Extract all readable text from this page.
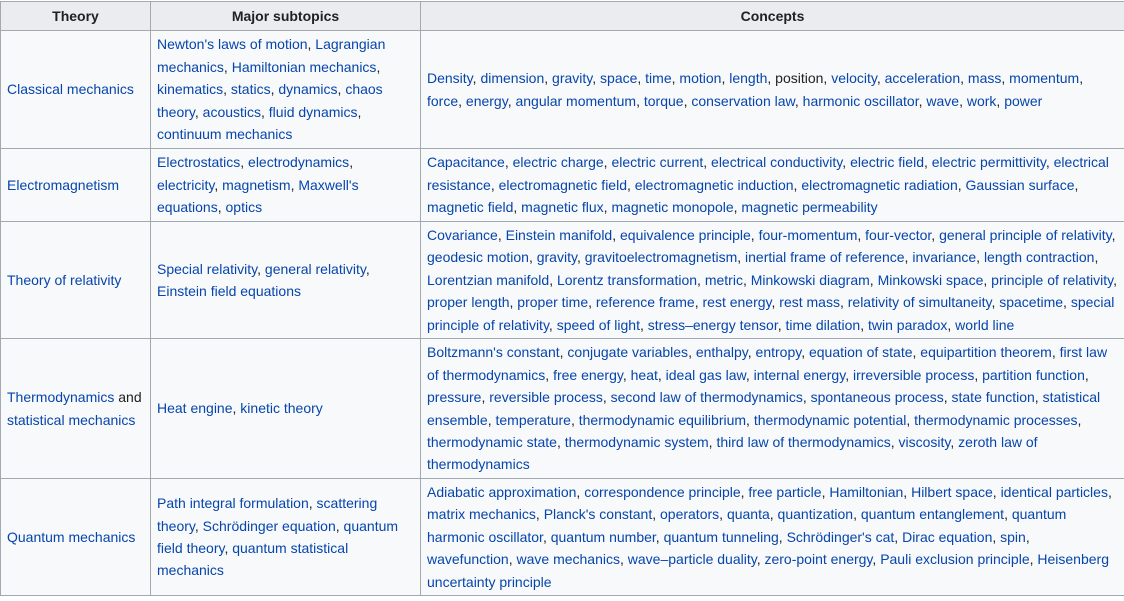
Theory	Major subtopics	Concepts
Classical mechanics	Newton's laws of motion, Lagrangian mechanics, Hamiltonian mechanics, kinematics, statics, dynamics, chaos theory, acoustics, fluid dynamics, continuum mechanics	Density, dimension, gravity, space, time, motion, length, position, velocity, acceleration, mass, momentum, force, energy, angular momentum, torque, conservation law, harmonic oscillator, wave, work, power
Electromagnetism	Electrostatics, electrodynamics, electricity, magnetism, Maxwell's equations, optics	Capacitance, electric charge, electric current, electrical conductivity, electric field, electric permittivity, electrical resistance, electromagnetic field, electromagnetic induction, electromagnetic radiation, Gaussian surface, magnetic field, magnetic flux, magnetic monopole, magnetic permeability
Theory of relativity	Special relativity, general relativity, Einstein field equations	Covariance, Einstein manifold, equivalence principle, four-momentum, four-vector, general principle of relativity, geodesic motion, gravity, gravitoelectromagnetism, inertial frame of reference, invariance, length contraction, Lorentzian manifold, Lorentz transformation, metric, Minkowski diagram, Minkowski space, principle of relativity, proper length, proper time, reference frame, rest energy, rest mass, relativity of simultaneity, spacetime, special principle of relativity, speed of light, stress–energy tensor, time dilation, twin paradox, world line
Thermodynamics and statistical mechanics	Heat engine, kinetic theory	Boltzmann's constant, conjugate variables, enthalpy, entropy, equation of state, equipartition theorem, first law of thermodynamics, free energy, heat, ideal gas law, internal energy, irreversible process, partition function, pressure, reversible process, second law of thermodynamics, spontaneous process, state function, statistical ensemble, temperature, thermodynamic equilibrium, thermodynamic potential, thermodynamic processes, thermodynamic state, thermodynamic system, third law of thermodynamics, viscosity, zeroth law of thermodynamics
Quantum mechanics	Path integral formulation, scattering theory, Schrödinger equation, quantum field theory, quantum statistical mechanics	Adiabatic approximation, correspondence principle, free particle, Hamiltonian, Hilbert space, identical particles, matrix mechanics, Planck's constant, operators, quanta, quantization, quantum entanglement, quantum harmonic oscillator, quantum number, quantum tunneling, Schrödinger's cat, Dirac equation, spin, wavefunction, wave mechanics, wave–particle duality, zero-point energy, Pauli exclusion principle, Heisenberg uncertainty principle
